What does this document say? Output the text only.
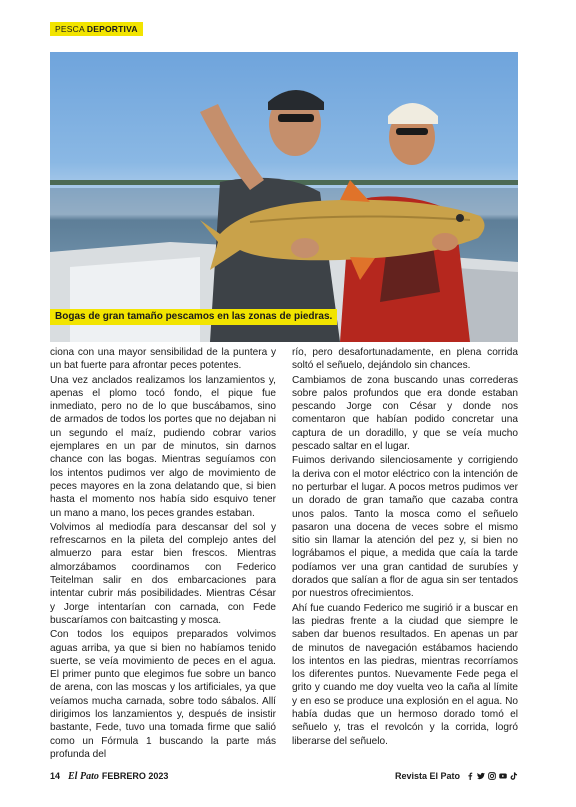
PESCA DEPORTIVA
Bogas de gran tamaño pescamos en las zonas de piedras.

ciona con una mayor sensibilidad de la puntera y un bat fuerte para afrontar peces potentes.

Una vez anclados realizamos los lanzamientos y, apenas el plomo tocó fondo, el pique fue inmediato, pero no de lo que buscábamos, sino de armados de todos los portes que no dejaban ni un segundo el maíz, pudiendo cobrar varios ejemplares en un par de minutos, sin darnos chance con las bogas. Mientras seguíamos con los intentos pudimos ver algo de movimiento de peces mayores en la zona delatando que, si bien hasta el momento nos había sido esquivo tener un mano a mano, los peces grandes estaban.

Volvimos al mediodía para descansar del sol y refrescarnos en la pileta del complejo antes del almuerzo para estar bien frescos. Mientras almorzábamos coordinamos con Federico Teitelman salir en dos embarcaciones para intentar cubrir más posibilidades. Mientras César y Jorge intentarían con carnada, con Fede buscaríamos con baitcasting y mosca.

Con todos los equipos preparados volvimos aguas arriba, ya que si bien no habíamos tenido suerte, se veía movimiento de peces en el agua. El primer punto que elegimos fue sobre un banco de arena, con las moscas y los artificiales, ya que veíamos mucha carnada, sobre todo sábalos. Allí dirigimos los lanzamientos y, después de insistir bastante, Fede, tuvo una tomada firme que salió como un Fórmula 1 buscando la parte más profunda del

río, pero desafortunadamente, en plena corrida soltó el señuelo, dejándolo sin chances.

Cambiamos de zona buscando unas correderas sobre palos profundos que era donde estaban pescando Jorge con César y donde nos comentaron que habían podido concretar una captura de un doradillo, y que se veía mucho pescado saltar en el lugar.

Fuimos derivando silenciosamente y corrigiendo la deriva con el motor eléctrico con la intención de no perturbar el lugar. A pocos metros pudimos ver un dorado de gran tamaño que cazaba contra unos palos. Tanto la mosca como el señuelo pasaron una docena de veces sobre el mismo sitio sin llamar la atención del pez y, si bien no lográbamos el pique, a medida que caía la tarde podíamos ver una gran cantidad de surubíes y dorados que salían a flor de agua sin ser tentados por nuestros ofrecimientos.

Ahí fue cuando Federico me sugirió ir a buscar en las piedras frente a la ciudad que siempre le saben dar buenos resultados. En apenas un par de minutos de navegación estábamos haciendo los intentos en las piedras, mientras recorríamos los diferentes puntos. Nuevamente Fede pega el grito y cuando me doy vuelta veo la caña al límite y en eso se produce una explosión en el agua. No había dudas que un hermoso dorado tomó el señuelo y, tras el revolcón y la corrida, logró liberarse del señuelo.

14 El Pato FEBRERO 2023	Revista El Pato
